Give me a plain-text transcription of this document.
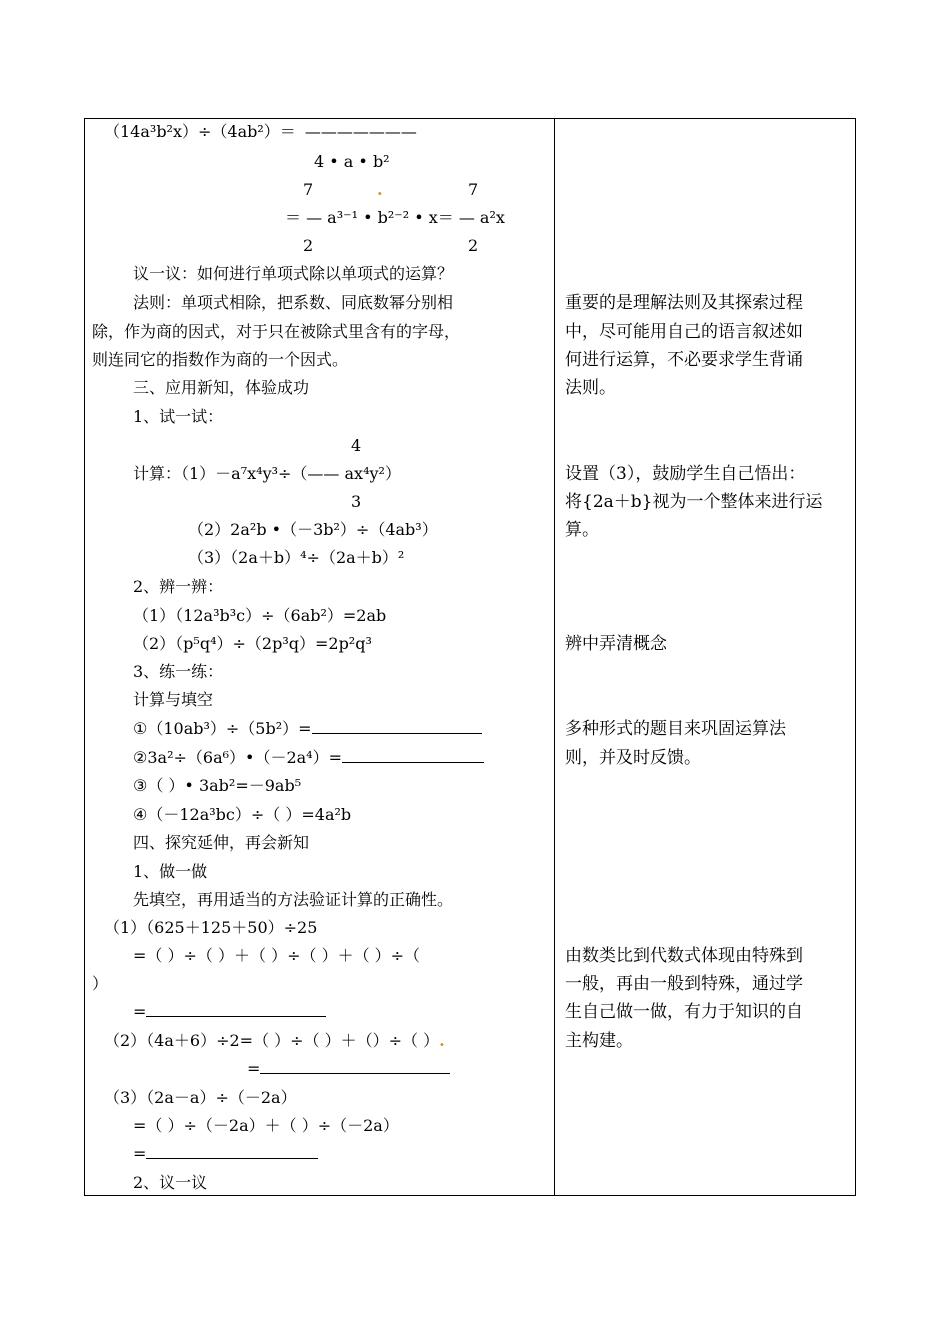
（14a³b²x）÷（4ab²）＝ ———————
4 • a • b²
7	.	7
＝ — a³⁻¹ • b²⁻² • x＝ — a²x
2	2
议一议：如何进行单项式除以单项式的运算？
法则：单项式相除，把系数、同底数幂分别相
除，作为商的因式，对于只在被除式里含有的字母，
则连同它的指数作为商的一个因式。
三、应用新知，体验成功
1、试一试：
4
计算：（1）－a⁷x⁴y³÷（—— ax⁴y²）
3
（2）2a²b •（－3b²）÷（4ab³）
（3）（2a＋b）⁴÷（2a＋b）²
2、辨一辨：
（1）（12a³b³c）÷（6ab²）=2ab
（2）（p⁵q⁴）÷（2p³q）=2p²q³
3、练一练：
计算与填空
①（10ab³）÷（5b²）=
②3a²÷（6a⁶）•（－2a⁴）=
③（ ）• 3ab²=－9ab⁵
④（－12a³bc）÷（ ）=4a²b
四、探究延伸，再会新知
1、做一做
先填空，再用适当的方法验证计算的正确性。
（1）（625＋125＋50）÷25
=（ ）÷（ ）＋（ ）÷（ ）＋（ ）÷（
）
=
（2）（4a＋6）÷2=（ ）÷（ ）＋（）÷（ ）.
=
（3）（2a－a）÷（－2a）
=（ ）÷（－2a）＋（ ）÷（－2a）
=
2、议一议
重要的是理解法则及其探索过程
中，尽可能用自己的语言叙述如
何进行运算，不必要求学生背诵
法则。
设置（3），鼓励学生自己悟出：
将{2a＋b}视为一个整体来进行运
算。
辨中弄清概念
多种形式的题目来巩固运算法
则，并及时反馈。
由数类比到代数式体现由特殊到
一般，再由一般到特殊，通过学
生自己做一做，有力于知识的自
主构建。
